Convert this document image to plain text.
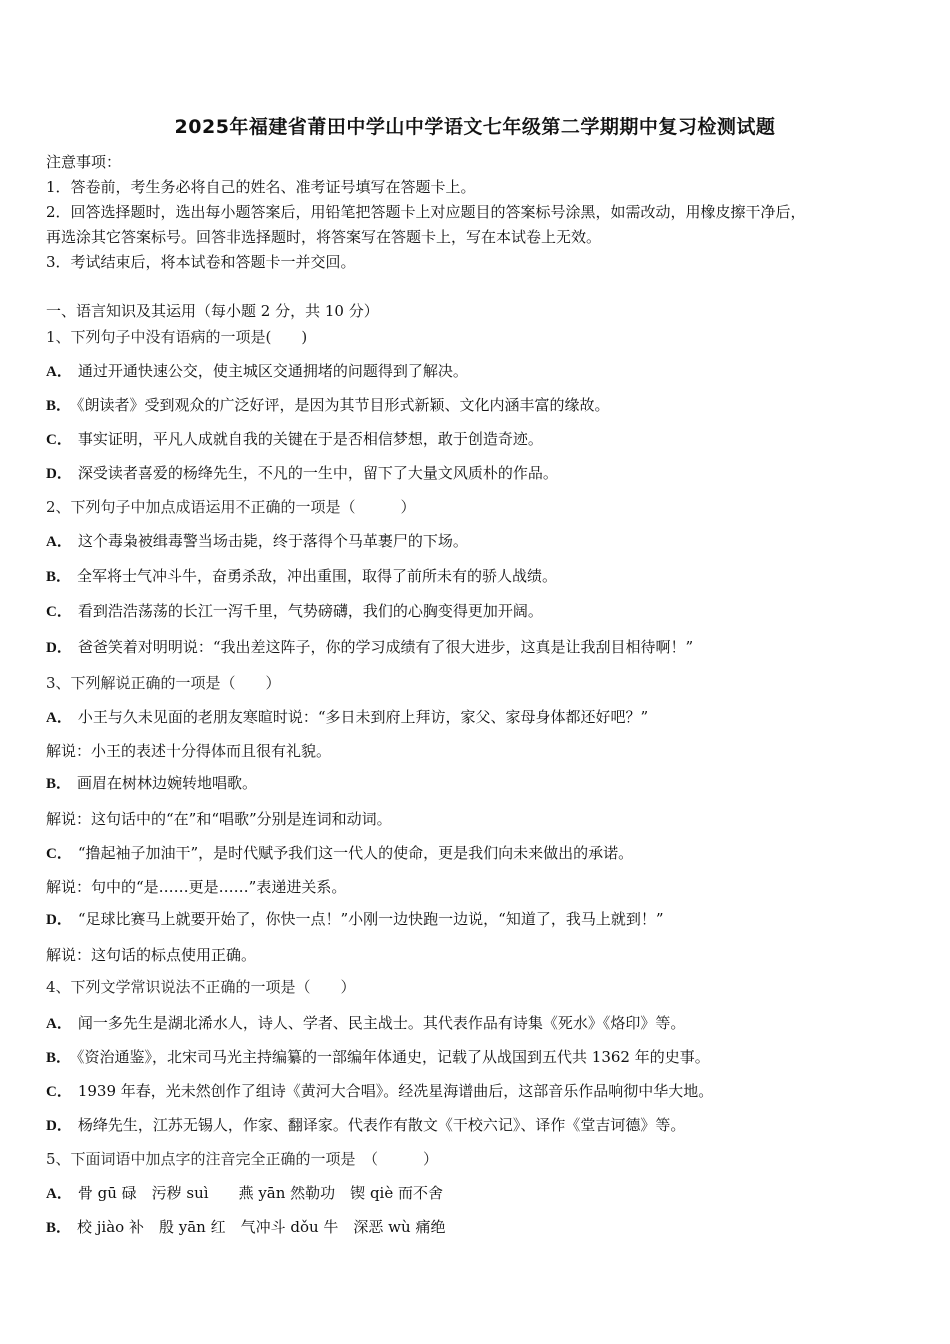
2025年福建省莆田中学山中学语文七年级第二学期期中复习检测试题
注意事项：
1．答卷前，考生务必将自己的姓名、准考证号填写在答题卡上。
2．回答选择题时，选出每小题答案后，用铅笔把答题卡上对应题目的答案标号涂黑，如需改动，用橡皮擦干净后，
再选涂其它答案标号。回答非选择题时，将答案写在答题卡上，写在本试卷上无效。
3．考试结束后，将本试卷和答题卡一并交回。
一、语言知识及其运用（每小题 2 分，共 10 分）
1、下列句子中没有语病的一项是(　　)
A． 通过开通快速公交，使主城区交通拥堵的问题得到了解决。
B． 《朗读者》受到观众的广泛好评，是因为其节目形式新颖、文化内涵丰富的缘故。
C． 事实证明，平凡人成就自我的关键在于是否相信梦想，敢于创造奇迹。
D． 深受读者喜爱的杨绛先生，不凡的一生中，留下了大量文风质朴的作品。
2、下列句子中加点成语运用不正确的一项是（　　　）
A． 这个毒枭被缉毒警当场击毙，终于落得个马革裹尸的下场。
B． 全军将士气冲斗牛，奋勇杀敌，冲出重围，取得了前所未有的骄人战绩。
C． 看到浩浩荡荡的长江一泻千里，气势磅礴，我们的心胸变得更加开阔。
D． 爸爸笑着对明明说：“我出差这阵子，你的学习成绩有了很大进步，这真是让我刮目相待啊！”
3、下列解说正确的一项是（　　）
A． 小王与久未见面的老朋友寒暄时说：“多日未到府上拜访，家父、家母身体都还好吧？”
解说：小王的表述十分得体而且很有礼貌。
B． 画眉在树林边婉转地唱歌。
解说：这句话中的“在”和“唱歌”分别是连词和动词。
C． “撸起袖子加油干”，是时代赋予我们这一代人的使命，更是我们向未来做出的承诺。
解说：句中的“是……更是……”表递进关系。
D． “足球比赛马上就要开始了，你快一点！”小刚一边快跑一边说，“知道了，我马上就到！”
解说：这句话的标点使用正确。
4、下列文学常识说法不正确的一项是（　　）
A． 闻一多先生是湖北浠水人，诗人、学者、民主战士。其代表作品有诗集《死水》《烙印》等。
B． 《资治通鉴》，北宋司马光主持编纂的一部编年体通史，记载了从战国到五代共 1362 年的史事。
C． 1939 年春，光未然创作了组诗《黄河大合唱》。经冼星海谱曲后，这部音乐作品响彻中华大地。
D． 杨绛先生，江苏无锡人，作家、翻译家。代表作有散文《干校六记》、译作《堂吉诃德》等。
5、下面词语中加点字的注音完全正确的一项是　（　　　）
A． 骨 gū 碌　污秽 suì　　燕 yān 然勒功　锲 qiè 而不舍
B． 校 jiào 补　殷 yān 红　气冲斗 dǒu 牛　深恶 wù 痛绝
